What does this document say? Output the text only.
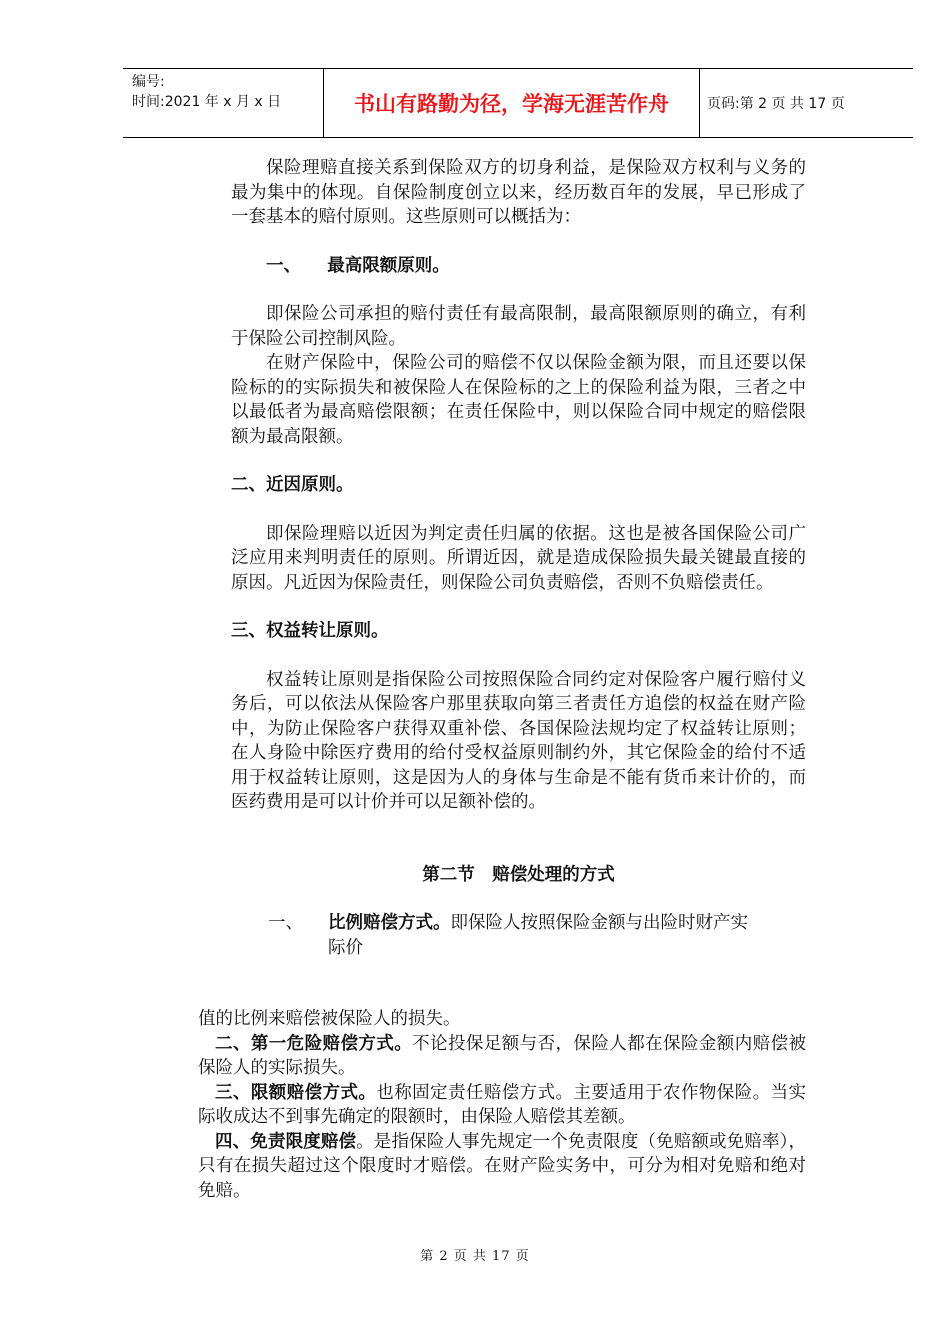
编号:
时间:2021 年 x 月 x 日	书山有路勤为径，学海无涯苦作舟	页码:第 2 页 共 17 页

保险理赔直接关系到保险双方的切身利益，是保险双方权利与义务的最为集中的体现。自保险制度创立以来，经历数百年的发展，早已形成了一套基本的赔付原则。这些原则可以概括为：

一、　　最高限额原则。

即保险公司承担的赔付责任有最高限制，最高限额原则的确立，有利于保险公司控制风险。

在财产保险中，保险公司的赔偿不仅以保险金额为限，而且还要以保险标的的实际损失和被保险人在保险标的之上的保险利益为限，三者之中以最低者为最高赔偿限额；在责任保险中，则以保险合同中规定的赔偿限额为最高限额。

二、近因原则。

即保险理赔以近因为判定责任归属的依据。这也是被各国保险公司广泛应用来判明责任的原则。所谓近因，就是造成保险损失最关键最直接的原因。凡近因为保险责任，则保险公司负责赔偿，否则不负赔偿责任。

三、权益转让原则。

权益转让原则是指保险公司按照保险合同约定对保险客户履行赔付义务后，可以依法从保险客户那里获取向第三者责任方追偿的权益在财产险中，为防止保险客户获得双重补偿、各国保险法规均定了权益转让原则；在人身险中除医疗费用的给付受权益原则制约外，其它保险金的给付不适用于权益转让原则，这是因为人的身体与生命是不能有货币来计价的，而医药费用是可以计价并可以足额补偿的。

第二节　赔偿处理的方式

一、	比例赔偿方式。即保险人按照保险金额与出险时财产实
际价

值的比例来赔偿被保险人的损失。

二、第一危险赔偿方式。不论投保足额与否，保险人都在保险金额内赔偿被保险人的实际损失。

三、限额赔偿方式。也称固定责任赔偿方式。主要适用于农作物保险。当实际收成达不到事先确定的限额时，由保险人赔偿其差额。

四、免责限度赔偿。是指保险人事先规定一个免责限度（免赔额或免赔率），只有在损失超过这个限度时才赔偿。在财产险实务中，可分为相对免赔和绝对免赔。

第 2 页 共 17 页
